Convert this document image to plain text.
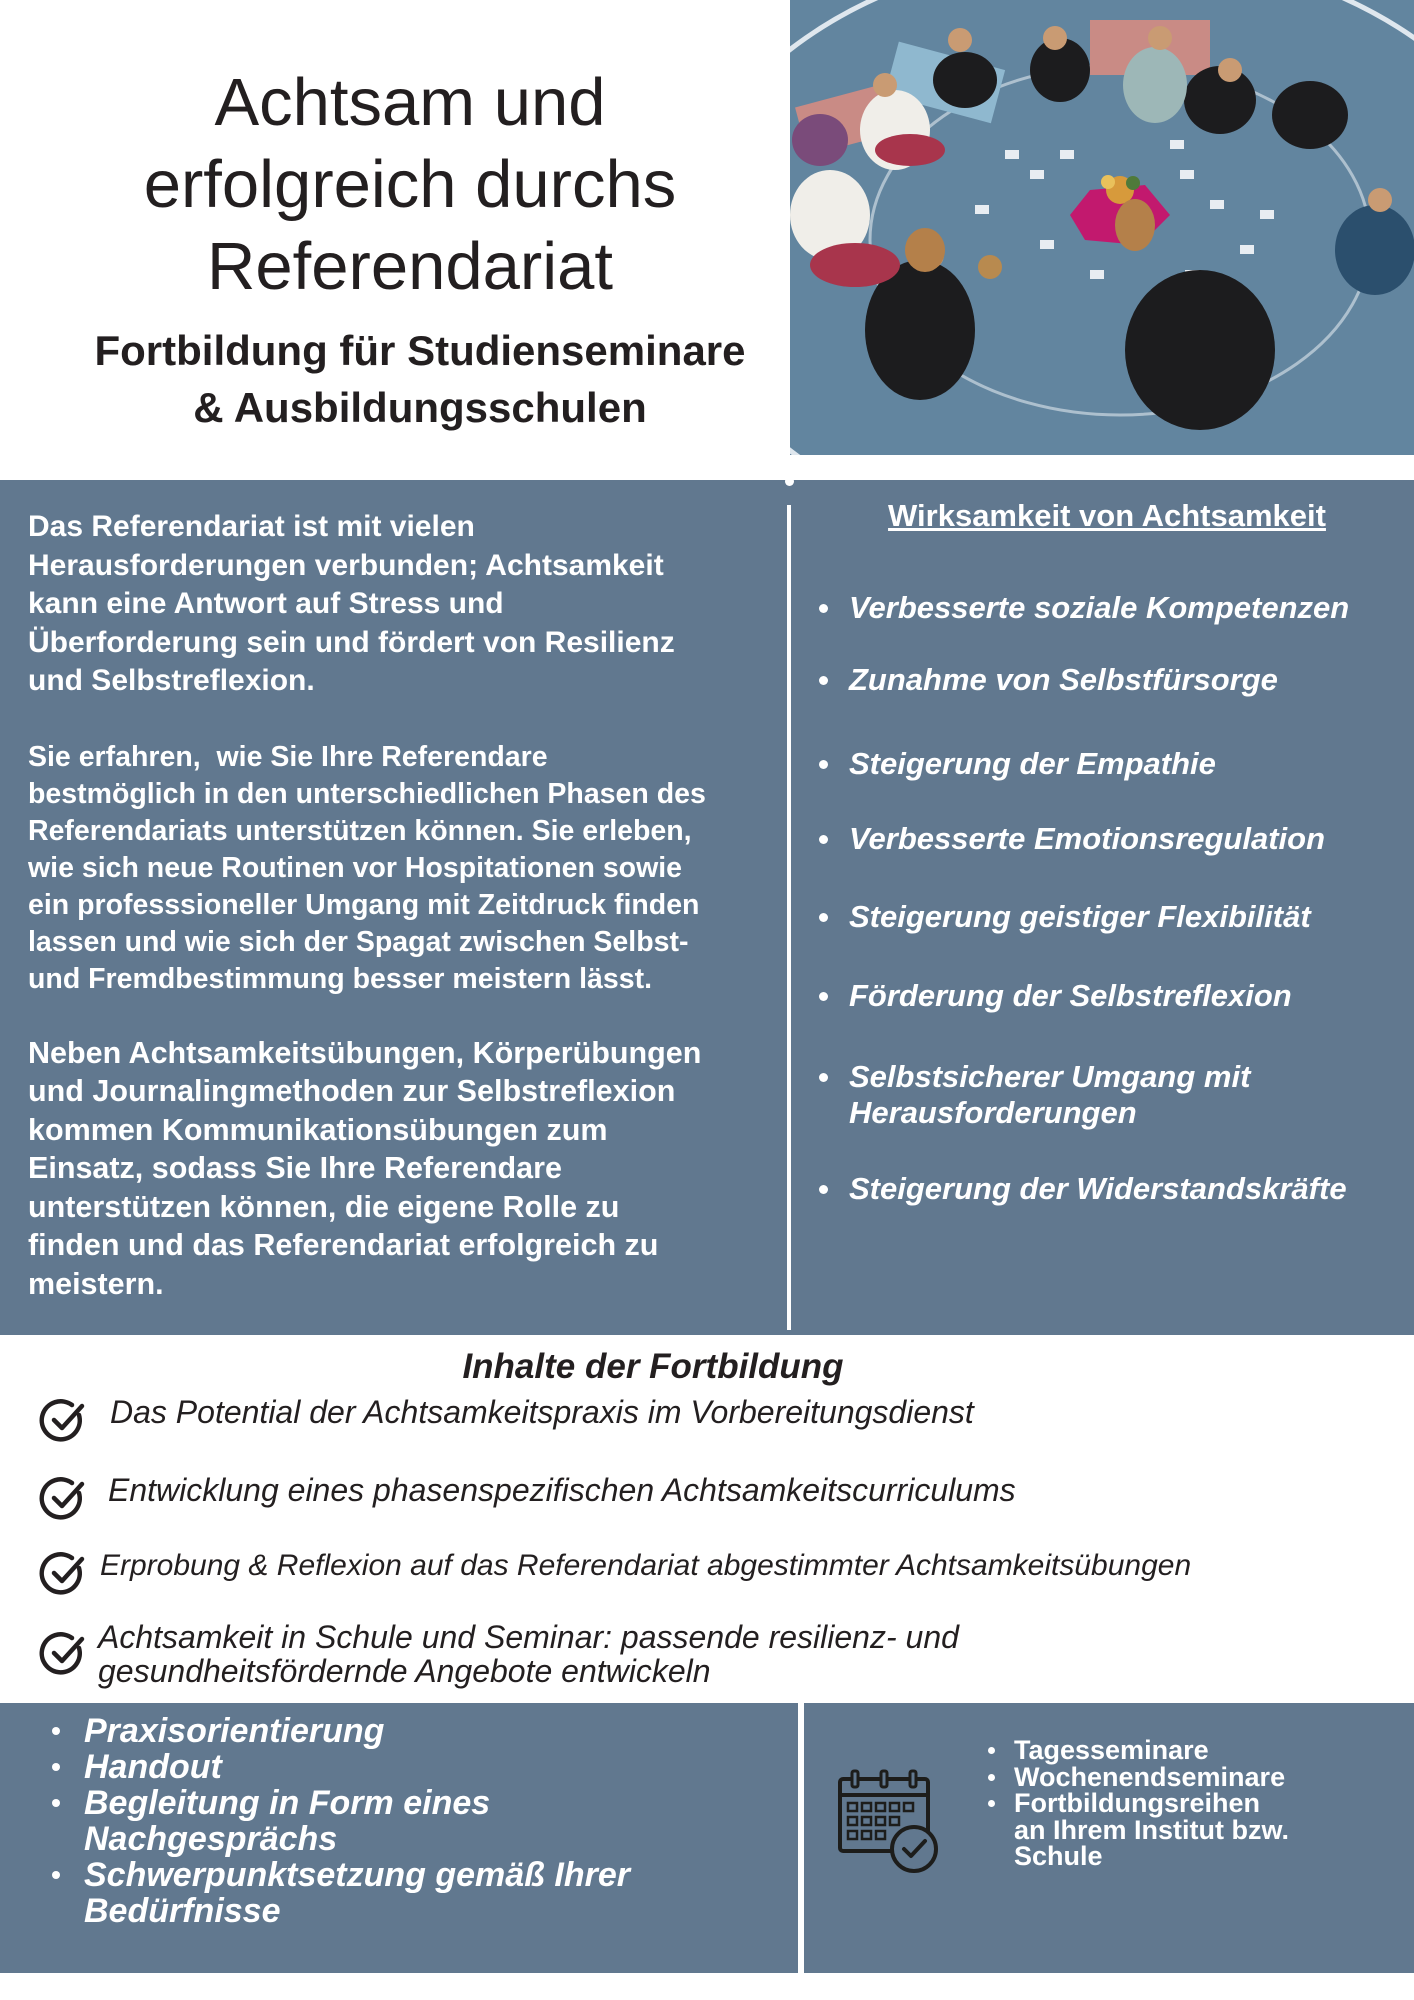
Achtsam und
erfolgreich durchs
Referendariat
Fortbildung für Studienseminare
& Ausbildungsschulen

Das Referendariat ist mit vielen
Herausforderungen verbunden; Achtsamkeit
kann eine Antwort auf Stress und
Überforderung sein und fördert von Resilienz
und Selbstreflexion.

Sie erfahren,  wie Sie Ihre Referendare
bestmöglich in den unterschiedlichen Phasen des
Referendariats unterstützen können. Sie erleben,
wie sich neue Routinen vor Hospitationen sowie
ein professsioneller Umgang mit Zeitdruck finden
lassen und wie sich der Spagat zwischen Selbst-
und Fremdbestimmung besser meistern lässt.

Neben Achtsamkeitsübungen, Körperübungen
und Journalingmethoden zur Selbstreflexion
kommen Kommunikationsübungen zum
Einsatz, sodass Sie Ihre Referendare
unterstützen können, die eigene Rolle zu
finden und das Referendariat erfolgreich zu
meistern.

Wirksamkeit von Achtsamkeit
Verbesserte soziale Kompetenzen
Zunahme von Selbstfürsorge
Steigerung der Empathie
Verbesserte Emotionsregulation
Steigerung geistiger Flexibilität
Förderung der Selbstreflexion
Selbstsicherer Umgang mit
Herausforderungen
Steigerung der Widerstandskräfte
Inhalte der Fortbildung
Das Potential der Achtsamkeitspraxis im Vorbereitungsdienst
Entwicklung eines phasenspezifischen Achtsamkeitscurriculums
Erprobung & Reflexion auf das Referendariat abgestimmter Achtsamkeitsübungen
Achtsamkeit in Schule und Seminar: passende resilienz- und
gesundheitsfördernde Angebote entwickeln
Praxisorientierung
Handout
Begleitung in Form eines
Nachgesprächs
Schwerpunktsetzung gemäß Ihrer
Bedürfnisse
Tagesseminare
Wochenendseminare
Fortbildungsreihen
an Ihrem Institut bzw.
Schule
